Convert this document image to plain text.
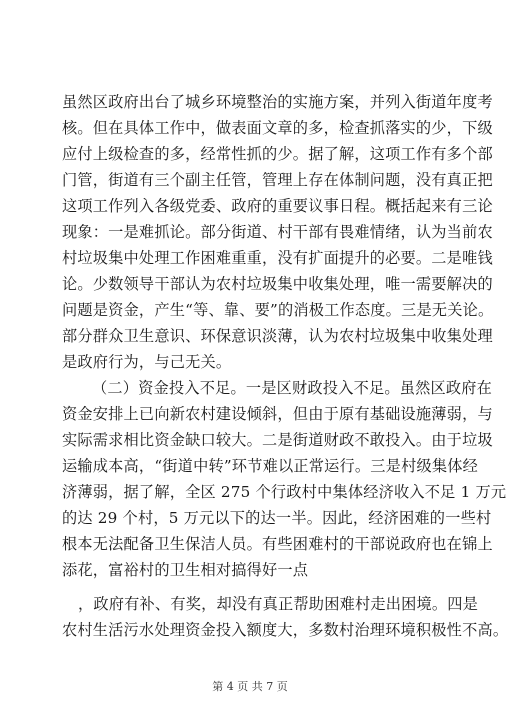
虽然区政府出台了城乡环境整治的实施方案，并列入街道年度考
核。但在具体工作中，做表面文章的多，检查抓落实的少，下级
应付上级检查的多，经常性抓的少。据了解，这项工作有多个部
门管，街道有三个副主任管，管理上存在体制问题，没有真正把
这项工作列入各级党委、政府的重要议事日程。概括起来有三论
现象：一是难抓论。部分街道、村干部有畏难情绪，认为当前农
村垃圾集中处理工作困难重重，没有扩面提升的必要。二是唯钱
论。少数领导干部认为农村垃圾集中收集处理，唯一需要解决的
问题是资金，产生“等、靠、要”的消极工作态度。三是无关论。
部分群众卫生意识、环保意识淡薄，认为农村垃圾集中收集处理
是政府行为，与己无关。
（二）资金投入不足。一是区财政投入不足。虽然区政府在
资金安排上已向新农村建设倾斜，但由于原有基础设施薄弱，与
实际需求相比资金缺口较大。二是街道财政不敢投入。由于垃圾
运输成本高，“街道中转”环节难以正常运行。三是村级集体经
济薄弱，据了解，全区 275 个行政村中集体经济收入不足 1 万元
的达 29 个村，5 万元以下的达一半。因此，经济困难的一些村
根本无法配备卫生保洁人员。有些困难村的干部说政府也在锦上
添花，富裕村的卫生相对搞得好一点
，政府有补、有奖，却没有真正帮助困难村走出困境。四是
农村生活污水处理资金投入额度大，多数村治理环境积极性不高。
第 4 页 共 7 页
